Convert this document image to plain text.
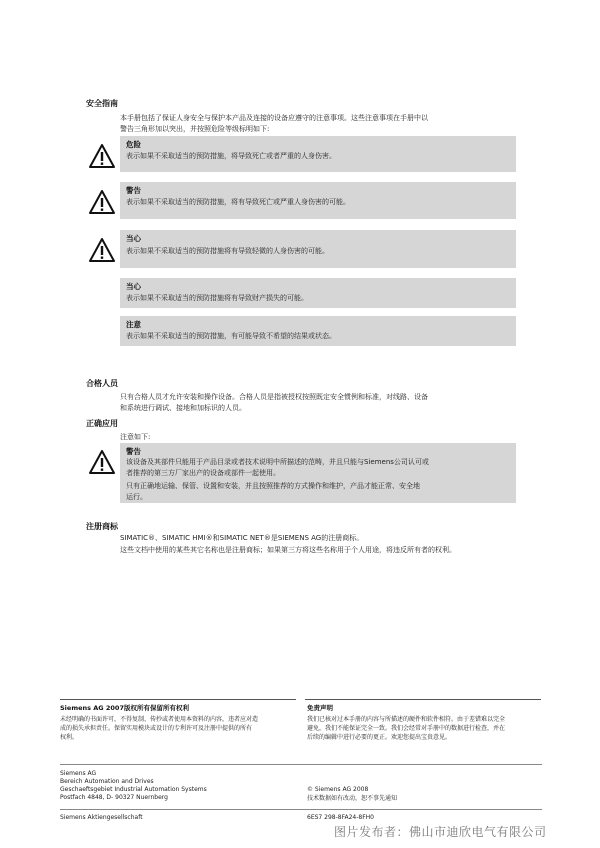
安全指南
本手册包括了保证人身安全与保护本产品及连接的设备应遵守的注意事项。这些注意事项在手册中以
警告三角形加以突出，并按照危险等级标明如下:
危险
表示如果不采取适当的预防措施，将导致死亡或者严重的人身伤害。
警告
表示如果不采取适当的预防措施，将有导致死亡或严重人身伤害的可能。
当心
表示如果不采取适当的预防措施将有导致轻微的人身伤害的可能。
当心
表示如果不采取适当的预防措施将有导致财产损失的可能。
注意
表示如果不采取适当的预防措施，有可能导致不希望的结果或状态。
合格人员
只有合格人员才允许安装和操作设备。合格人员是指被授权按照既定安全惯例和标准，对线路、设备
和系统进行调试、接地和加标识的人员。
正确应用
注意如下:
警告
该设备及其部件只能用于产品目录或者技术说明中所描述的范畴，并且只能与Siemens公司认可或
者推荐的第三方厂家出产的设备或部件一起使用。
只有正确地运输、保管、设置和安装，并且按照推荐的方式操作和维护，产品才能正常、安全地
运行。
注册商标
SIMATIC®、SIMATIC HMI®和SIMATIC NET®是SIEMENS AG的注册商标。
这些文档中使用的某些其它名称也是注册商标；如果第三方将这些名称用于个人用途，将违反所有者的权利。
Siemens AG 2007版权所有保留所有权利
未经明确的书面许可，不得复制、传抄或者使用本资料的内容，违者应对造
成的损失承担责任。保留实用模块或设计的专利许可及注册中提供的所有
权利。
免责声明
我们已核对过本手册的内容与所描述的硬件和软件相符。由于差错难以完全
避免，我们不能保证完全一致。我们会经常对手册中的数据进行检查，并在
后续的编辑中进行必要的更正。欢迎您提出宝贵意见。
Siemens AG
Bereich Automation and Drives
Geschaeftsgebiet Industrial Automation Systems
Postfach 4848, D- 90327 Nuernberg
© Siemens AG 2008
技术数据如有改动，恕不事先通知
Siemens Aktiengesellschaft	6ES7 298-8FA24-8FH0
图片发布者：佛山市迪欣电气有限公司
